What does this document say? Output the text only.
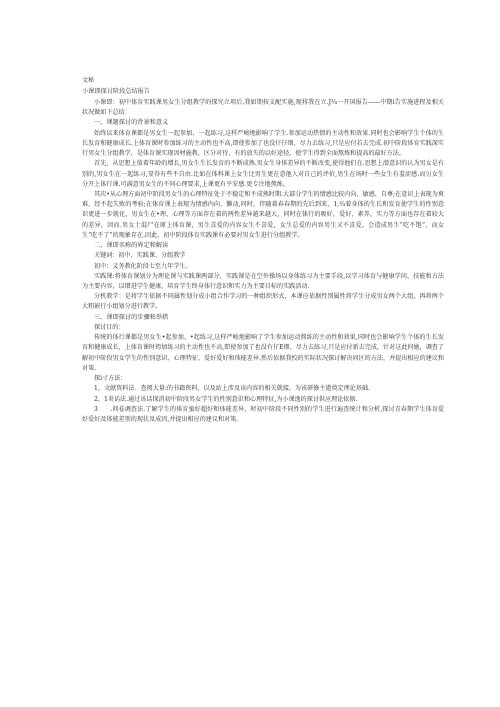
文秘
小课即探讨阶段总结报告

小课即：初中体育实践课男女生分组教学的探究立项后.我如期按支配实施,现将我在立.J¾一开国报告——中期i告实施进程及相关状况做如下总结：

一、课题探讨的背景和意义

始终以来体育课都是男女生一起参加、一起练习,这样严峻地影响了学生.参加运动热情的主动性和效果.同时也会影响学生个体的生长发育和健康成长.上体育课时参加练习的主动性也不高,即使参加了也没仔仔细、尽力去练习,只是应付若去完成.初中阶段体育实践深实行男女生分组教学，是体育课实现因材施教，区分对待，有的放矢的以好途径，使学生得到全面熬炼和提高的最好方法。

首先，从思想上值着年龄的增长,男女生生长发育的不断成熟.男女生身体差异的不断改变,使得他们在.思想上潜意识的认为男女是有别的,男女生在一起练习,显得有些不自由.比如在体科课上女生比男生更在意他人对自己的评价,男生在场时一些女生有羞涩感.而另女生分开上体行课.可满意男女生的不同心理要求,上课更有平安感.更专注地熬炼。

其次•从心理方面初中阶段男女生的心理特征处于不稳定和不成熟时期.大部分学生的情感比较内向、敏感、自尊;在意识上表现为爽难、经不起失败的考验;在体育课上表现为情感内向、懒动,同时，伴随着春春期的先后到来，1,¾着身体的生长和发育使学生的性别意识更进一步就化，男女生在•理、心理等方面存在着的两性差异越来越大，同时在体行的吸好，爱好，素养，实力等方面也存在着较大的差异，因而.男女土混尸在原上体育课，男生喜爱的内容女生不喜爱，女生总爱的内容男生又不喜爱，会造成男生“吃不饱”，而女生“吃不了”的现象存在.因此，初中阶段体育实践课有必要对男女生进行分组教学。

二、课即名称的界定和解读

关键词：初中、实践课、分组教学

初中：义务教化阶段七至九年学生。

实践课:将体育课划分为理论课与实践课两部分，实践课是在空外操场以身体练习为主要手段,以学习体育与健康学问、技能和方法为主要内容，以增进学生健康，培育学生终身体行意识和实力为主要目标的实践活动.

分机教学：是将学生依据不同属性划分成小组合作学习的一种组织形式，本课应依据性别属性将学生分成男女两个大组，再将两个大粗嵌行小组划分进行教学。

三、课即探讨的步骤和举措

探讨目的：

传统的体行课都是男女生•起参加、•起练习,这样严峻地影响了学生参加运动熬练的主动性和效果,同时也会影响学生个体的生长发育和健康成长，上体育课时筠加练习的主动性也不高,即使参加了也没有仔E细、尽力去练习,只是应付新去完成，针对这此何她，调查了解初中阶段男女学生的性别意识、心理特征、爱好爱好和体能差异.然后依据我校的实际状况探讨解决问区的方法，并提出相应的建议和对策.

探i寸方法：

1，文献资料法．查阅大量:的书籍资料，以及站上涉及该内容的相关就接，为该研修主遨奠定理论基础.

2，1炎话法.通过该话探消初中阶段男女学生的性别意识和心理特征,为小课逸的探讨供应理论依据.

3　　.问卷调查法.了解学生的体育蜜好超好和体能差异，时初中阶段不同性别的学生进行遍查统计和分析,探讨青春期学生体育爱好爱好及体能差别的现状及成因,并提出相应的建议和对策。
